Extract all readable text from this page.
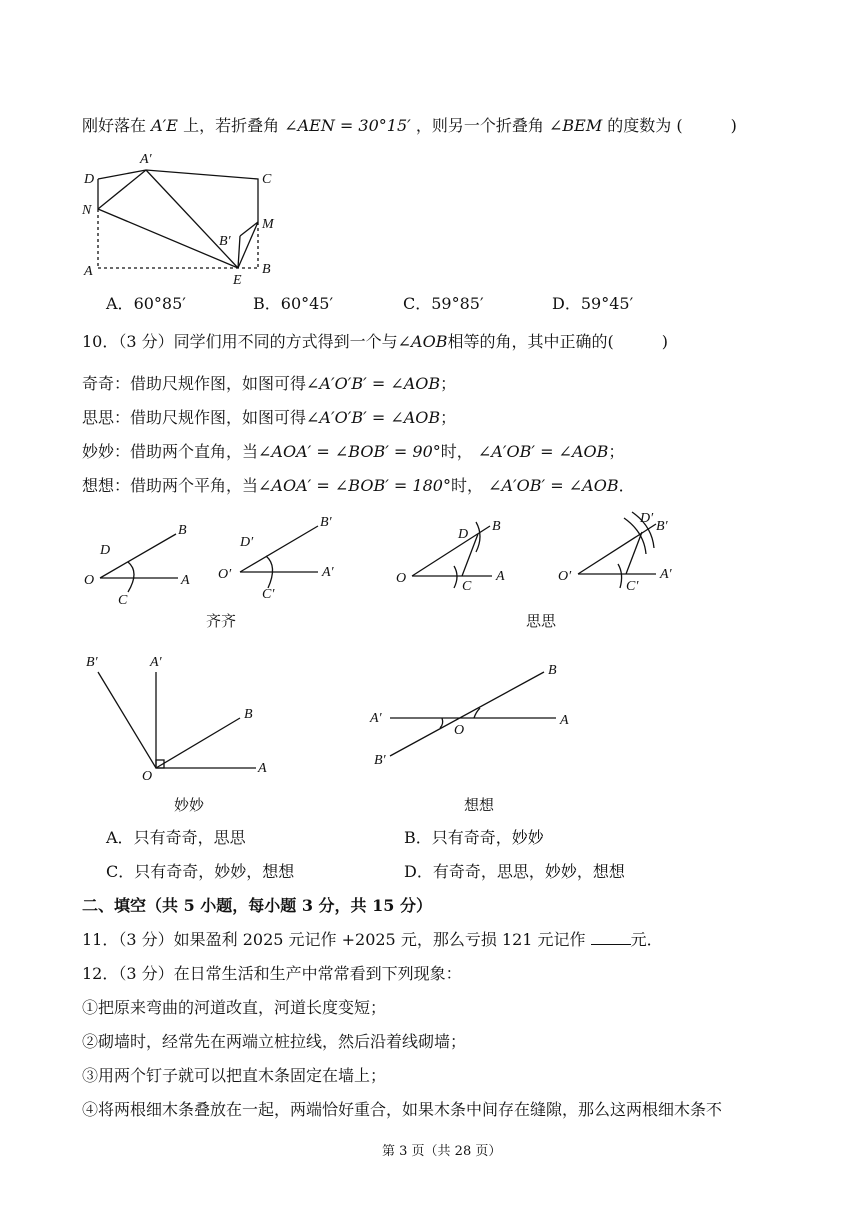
刚好落在 A′E 上，若折叠角 ∠AEN = 30°15′ ，则另一个折叠角 ∠BEM 的度数为 (　　　)
D
A′
C
N
M
B′
A
E
B
A．60°85′	B．60°45′	C．59°85′	D．59°45′
10．（3 分）同学们用不同的方式得到一个与∠AOB相等的角，其中正确的(　　　)
奇奇：借助尺规作图，如图可得∠A′O′B′ = ∠AOB；
思思：借助尺规作图，如图可得∠A′O′B′ = ∠AOB；
妙妙：借助两个直角，当∠AOA′ = ∠BOB′ = 90°时， ∠A′OB′ = ∠AOB；
想想：借助两个平角，当∠AOA′ = ∠BOB′ = 180°时， ∠A′OB′ = ∠AOB．
O	A
B
D
C
O′	A′
B′
D′
C′
齐齐
O	A
B
D
C
O′	A′
B′
D′
C′
思思
O
A
B
A′
B′
妙妙
A′	A
B
O
B′
想想
A．只有奇奇，思思	B．只有奇奇，妙妙
C．只有奇奇，妙妙，想想	D．有奇奇，思思，妙妙，想想
二、填空（共 5 小题，每小题 3 分，共 15 分）
11．（3 分）如果盈利 2025 元记作 +2025 元，那么亏损 121 元记作	元．
12．（3 分）在日常生活和生产中常常看到下列现象：
①把原来弯曲的河道改直，河道长度变短；
②砌墙时，经常先在两端立桩拉线，然后沿着线砌墙；
③用两个钉子就可以把直木条固定在墙上；
④将两根细木条叠放在一起，两端恰好重合，如果木条中间存在缝隙，那么这两根细木条不
第 3 页（共 28 页）
